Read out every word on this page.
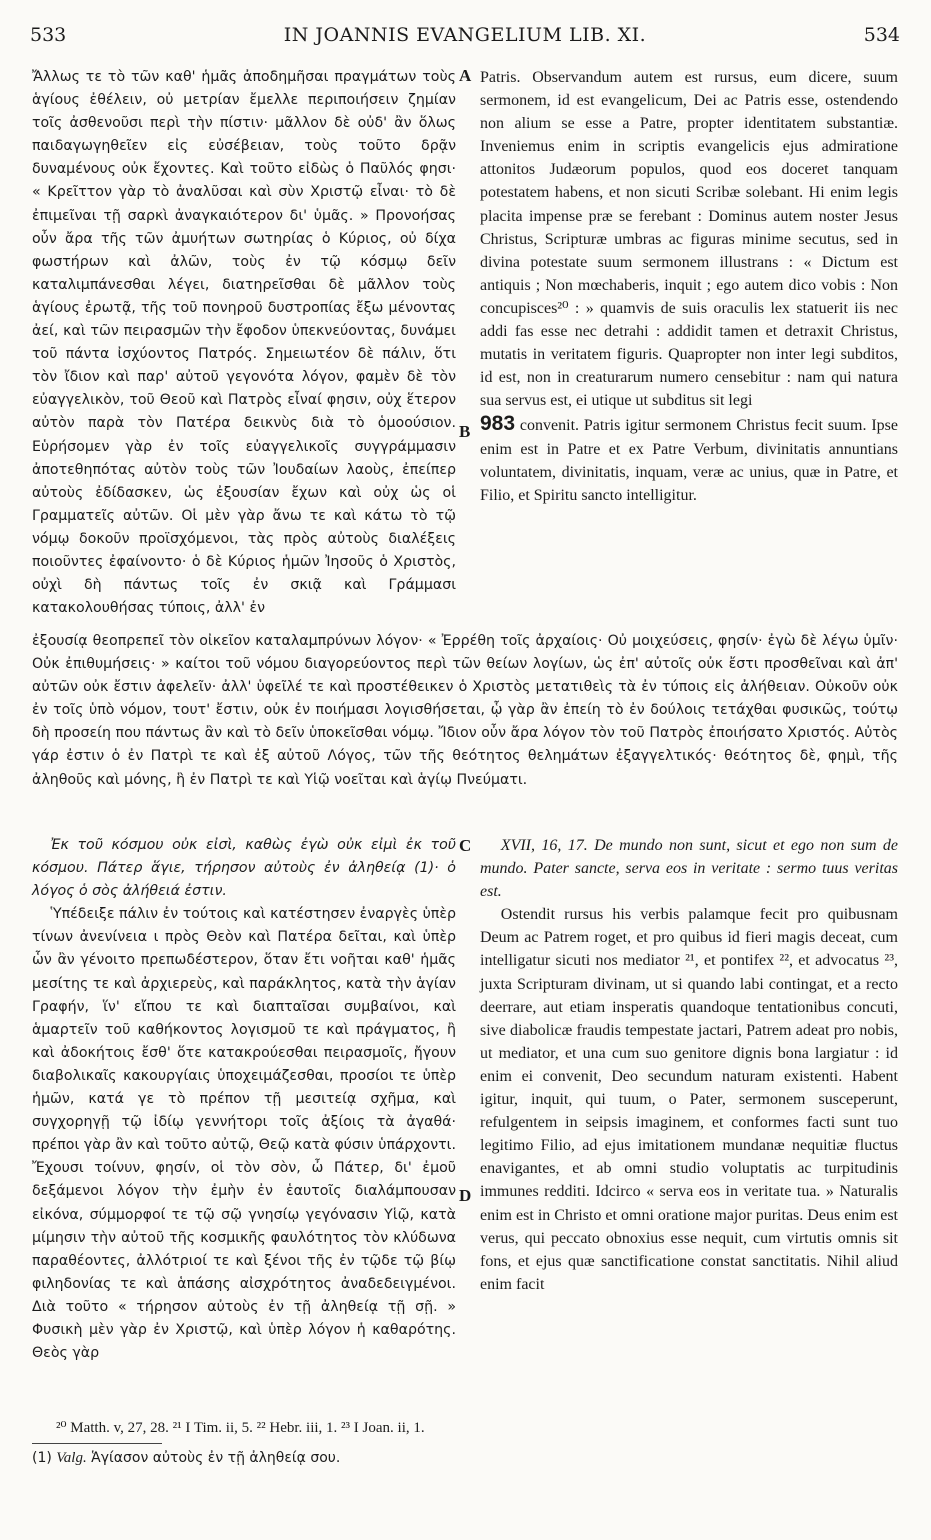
533	IN JOANNIS EVANGELIUM LIB. XI.	534

Ἄλλως τε τὸ τῶν καθ' ἡμᾶς ἀποδημῆσαι πραγμάτων τοὺς ἁγίους ἐθέλειν, οὐ μετρίαν ἔμελλε περιποιήσειν ζημίαν τοῖς ἀσθενοῦσι περὶ τὴν πίστιν· μᾶλλον δὲ οὐδ' ἂν ὅλως παιδαγωγηθεῖεν εἰς εὐσέβειαν, τοὺς τοῦτο δρᾷν δυναμένους οὐκ ἔχοντες. Καὶ τοῦτο εἰδὼς ὁ Παῦλός φησι· « Κρεῖττον γὰρ τὸ ἀναλῦσαι καὶ σὺν Χριστῷ εἶναι· τὸ δὲ ἐπιμεῖναι τῇ σαρκὶ ἀναγκαιότερον δι' ὑμᾶς. » Προνοήσας οὖν ἄρα τῆς τῶν ἀμυήτων σωτηρίας ὁ Κύριος, οὐ δίχα φωστήρων καὶ ἀλῶν, τοὺς ἐν τῷ κόσμῳ δεῖν καταλιμπάνεσθαι λέγει, διατηρεῖσθαι δὲ μᾶλλον τοὺς ἁγίους ἐρωτᾷ, τῆς τοῦ πονηροῦ δυστροπίας ἔξω μένοντας ἀεί, καὶ τῶν πειρασμῶν τὴν ἔφοδον ὑπεκνεύοντας, δυνάμει τοῦ πάντα ἰσχύοντος Πατρός. Σημειωτέον δὲ πάλιν, ὅτι τὸν ἴδιον καὶ παρ' αὐτοῦ γεγονότα λόγον, φαμὲν δὲ τὸν εὐαγγελικὸν, τοῦ Θεοῦ καὶ Πατρὸς εἶναί φησιν, οὐχ ἕτερον αὐτὸν παρὰ τὸν Πατέρα δεικνὺς διὰ τὸ ὁμοούσιον. Εὑρήσομεν γὰρ ἐν τοῖς εὐαγγελικοῖς συγγράμμασιν ἀποτεθηπότας αὐτὸν τοὺς τῶν Ἰουδαίων λαοὺς, ἐπείπερ αὐτοὺς ἐδίδασκεν, ὡς ἐξουσίαν ἔχων καὶ οὐχ ὡς οἱ Γραμματεῖς αὐτῶν. Οἱ μὲν γὰρ ἄνω τε καὶ κάτω τὸ τῷ νόμῳ δοκοῦν προϊσχόμενοι, τὰς πρὸς αὐτοὺς διαλέξεις ποιοῦντες ἐφαίνοντο· ὁ δὲ Κύριος ἡμῶν Ἰησοῦς ὁ Χριστὸς, οὐχὶ δὴ πάντως τοῖς ἐν σκιᾷ καὶ Γράμμασι κατακολουθήσας τύποις, ἀλλ' ἐν

A
B

Patris. Observandum autem est rursus, eum dicere, suum sermonem, id est evangelicum, Dei ac Patris esse, ostendendo non alium se esse a Patre, propter identitatem substantiæ. Inveniemus enim in scriptis evangelicis ejus admiratione attonitos Judæorum populos, quod eos doceret tanquam potestatem habens, et non sicuti Scribæ solebant. Hi enim legis placita impense præ se ferebant : Dominus autem noster Jesus Christus, Scripturæ umbras ac figuras minime secutus, sed in divina potestate suum sermonem illustrans : « Dictum est antiquis ; Non mœchaberis, inquit ; ego autem dico vobis : Non concupisces²⁰ : » quamvis de suis oraculis lex statuerit iis nec addi fas esse nec detrahi : addidit tamen et detraxit Christus, mutatis in veritatem figuris. Quapropter non inter legi subditos, id est, non in creaturarum numero censebitur : nam qui natura sua servus est, ei utique ut subditus sit legi

983 convenit. Patris igitur sermonem Christus fecit suum. Ipse enim est in Patre et ex Patre Verbum, divinitatis annuntians voluntatem, divinitatis, inquam, veræ ac unius, quæ in Patre, et Filio, et Spiritu sancto intelligitur.

ἐξουσίᾳ θεοπρεπεῖ τὸν οἰκεῖον καταλαμπρύνων λόγον· « Ἐρρέθη τοῖς ἀρχαίοις· Οὐ μοιχεύσεις, φησίν· ἐγὼ δὲ λέγω ὑμῖν· Οὐκ ἐπιθυμήσεις· » καίτοι τοῦ νόμου διαγορεύοντος περὶ τῶν θείων λογίων, ὡς ἐπ' αὐτοῖς οὐκ ἔστι προσθεῖναι καὶ ἀπ' αὐτῶν οὐκ ἔστιν ἀφελεῖν· ἀλλ' ὑφεῖλέ τε καὶ προστέθεικεν ὁ Χριστὸς μετατιθεὶς τὰ ἐν τύποις εἰς ἀλήθειαν. Οὐκοῦν οὐκ ἐν τοῖς ὑπὸ νόμον, τουτ' ἔστιν, οὐκ ἐν ποιήμασι λογισθήσεται, ᾧ γὰρ ἂν ἐπείη τὸ ἐν δούλοις τετάχθαι φυσικῶς, τούτῳ δὴ προσείη που πάντως ἂν καὶ τὸ δεῖν ὑποκεῖσθαι νόμῳ. Ἴδιον οὖν ἄρα λόγον τὸν τοῦ Πατρὸς ἐποιήσατο Χριστός. Αὐτὸς γάρ ἐστιν ὁ ἐν Πατρὶ τε καὶ ἐξ αὐτοῦ Λόγος, τῶν τῆς θεότητος θελημάτων ἐξαγγελτικός· θεότητος δὲ, φημὶ, τῆς ἀληθοῦς καὶ μόνης, ἣ ἐν Πατρὶ τε καὶ Υἱῷ νοεῖται καὶ ἁγίῳ Πνεύματι.

C
D

Ἐκ τοῦ κόσμου οὐκ εἰσὶ, καθὼς ἐγὼ οὐκ εἰμὶ ἐκ τοῦ κόσμου. Πάτερ ἅγιε, τήρησον αὐτοὺς ἐν ἀληθείᾳ (1)· ὁ λόγος ὁ σὸς ἀλήθειά ἐστιν.

Ὑπέδειξε πάλιν ἐν τούτοις καὶ κατέστησεν ἐναργὲς ὑπὲρ τίνων ἀνενίνεια ι πρὸς Θεὸν καὶ Πατέρα δεῖται, καὶ ὑπὲρ ὧν ἂν γένοιτο πρεπωδέστερον, ὅταν ἔτι νοῆται καθ' ἡμᾶς μεσίτης τε καὶ ἀρχιερεὺς, καὶ παράκλητος, κατὰ τὴν ἁγίαν Γραφήν, ἵν' εἴπου τε καὶ διαπταῖσαι συμβαίνοι, καὶ ἁμαρτεῖν τοῦ καθήκοντος λογισμοῦ τε καὶ πράγματος, ἢ καὶ ἀδοκήτοις ἔσθ' ὅτε κατακρούεσθαι πειρασμοῖς, ἤγουν διαβολικαῖς κακουργίαις ὑποχειμάζεσθαι, προσίοι τε ὑπὲρ ἡμῶν, κατά γε τὸ πρέπον τῇ μεσιτείᾳ σχῆμα, καὶ συγχορηγῇ τῷ ἰδίῳ γεννήτορι τοῖς ἀξίοις τὰ ἀγαθά· πρέποι γὰρ ἂν καὶ τοῦτο αὐτῷ, Θεῷ κατὰ φύσιν ὑπάρχοντι. Ἔχουσι τοίνυν, φησίν, οἱ τὸν σὸν, ὦ Πάτερ, δι' ἐμοῦ δεξάμενοι λόγον τὴν ἐμὴν ἐν ἑαυτοῖς διαλάμπουσαν εἰκόνα, σύμμορφοί τε τῷ σῷ γνησίῳ γεγόνασιν Υἱῷ, κατὰ μίμησιν τὴν αὐτοῦ τῆς κοσμικῆς φαυλότητος τὸν κλύδωνα παραθέοντες, ἀλλότριοί τε καὶ ξένοι τῆς ἐν τῷδε τῷ βίῳ φιληδονίας τε καὶ ἁπάσης αἰσχρότητος ἀναδεδειγμένοι. Διὰ τοῦτο « τήρησον αὐτοὺς ἐν τῇ ἀληθείᾳ τῇ σῇ. » Φυσικὴ μὲν γὰρ ἐν Χριστῷ, καὶ ὑπὲρ λόγον ἡ καθαρότης. Θεὸς γὰρ

XVII, 16, 17. De mundo non sunt, sicut et ego non sum de mundo. Pater sancte, serva eos in veritate : sermo tuus veritas est.

Ostendit rursus his verbis palamque fecit pro quibusnam Deum ac Patrem roget, et pro quibus id fieri magis deceat, cum intelligatur sicuti nos mediator ²¹, et pontifex ²², et advocatus ²³, juxta Scripturam divinam, ut si quando labi contingat, et a recto deerrare, aut etiam insperatis quandoque tentationibus concuti, sive diabolicæ fraudis tempestate jactari, Patrem adeat pro nobis, ut mediator, et una cum suo genitore dignis bona largiatur : id enim ei convenit, Deo secundum naturam existenti. Habent igitur, inquit, qui tuum, o Pater, sermonem susceperunt, refulgentem in seipsis imaginem, et conformes facti sunt tuo legitimo Filio, ad ejus imitationem mundanæ nequitiæ fluctus enavigantes, et ab omni studio voluptatis ac turpitudinis immunes redditi. Idcirco « serva eos in veritate tua. » Naturalis enim est in Christo et omni oratione major puritas. Deus enim est verus, qui peccato obnoxius esse nequit, cum virtutis omnis sit fons, et ejus quæ sanctificatione constat sanctitatis. Nihil aliud enim facit

²⁰ Matth. v, 27, 28. ²¹ I Tim. ii, 5. ²² Hebr. iii, 1. ²³ I Joan. ii, 1.
(1) Valg. Ἁγίασον αὐτοὺς ἐν τῇ ἀληθείᾳ σου.
